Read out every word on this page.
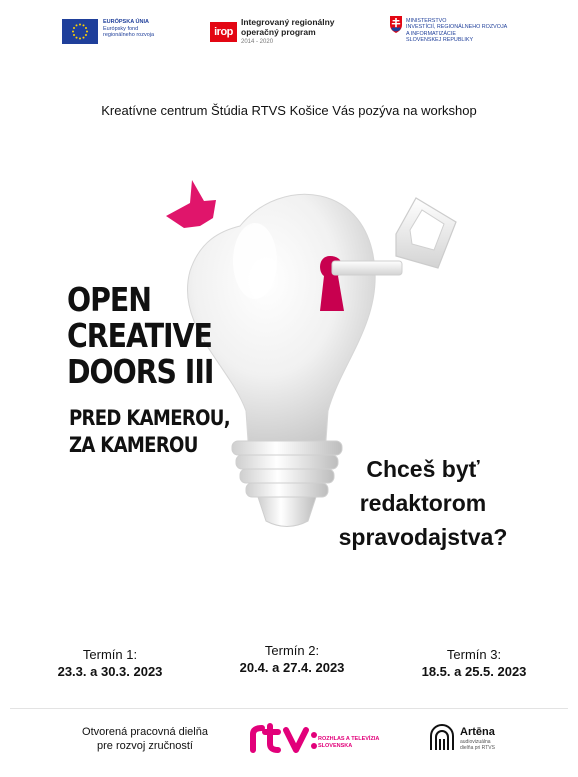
EURÓPSKA ÚNIA
Európsky fond
regionálneho rozvoja	irop
Integrovaný regionálny
operačný program
2014 - 2020
MINISTERSTVO
INVESTÍCIÍ, REGIONÁLNEHO ROZVOJA
A INFORMATIZÁCIE
SLOVENSKEJ REPUBLIKY
Kreatívne centrum Štúdia RTVS Košice Vás pozýva na workshop
OPEN
CREATIVE
DOORS III
PRED KAMEROU,
ZA KAMEROU
Chceš byť redaktorom spravodajstva?
Termín 1:
23.3. a 30.3. 2023
Termín 2:
20.4. a 27.4. 2023
Termín 3:
18.5. a 25.5. 2023
Otvorená pracovná dielňa
pre rozvoj zručností
ROZHLAS A TELEVÍZIA
SLOVENSKA
Artēna
audiovizuálna
dielňa pri RTVS
